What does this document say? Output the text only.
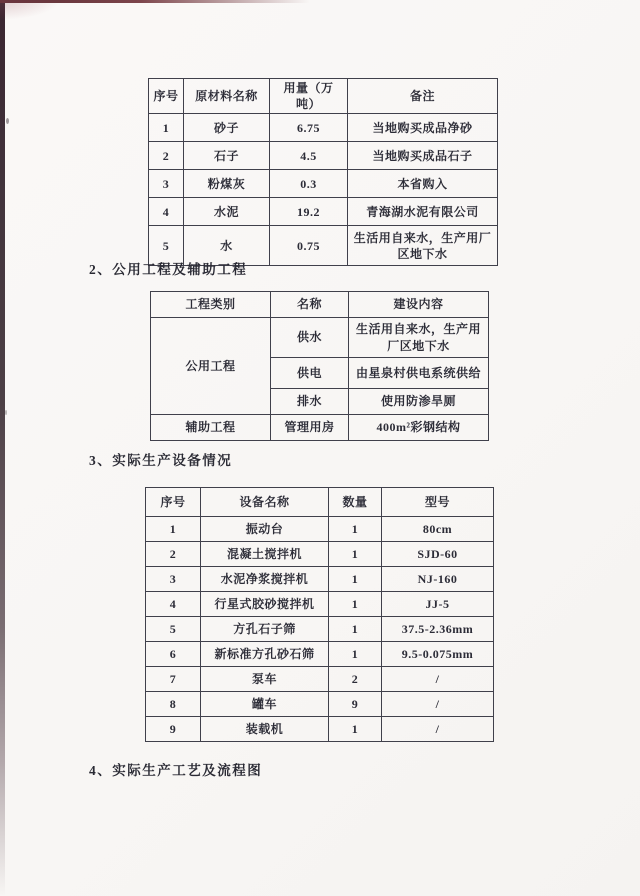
序号	原材料名称	用量（万吨）	备注
1	砂子	6.75	当地购买成品净砂
2	石子	4.5	当地购买成品石子
3	粉煤灰	0.3	本省购入
4	水泥	19.2	青海湖水泥有限公司
5	水	0.75	生活用自来水，生产用厂区地下水
2、公用工程及辅助工程
工程类别	名称	建设内容
公用工程	供水	生活用自来水，生产用厂区地下水
	供电	由星泉村供电系统供给
	排水	使用防渗旱厕
辅助工程	管理用房	400m²彩钢结构
3、实际生产设备情况
序号	设备名称	数量	型号
1	振动台	1	80cm
2	混凝土搅拌机	1	SJD-60
3	水泥净浆搅拌机	1	NJ-160
4	行星式胶砂搅拌机	1	JJ-5
5	方孔石子筛	1	37.5-2.36mm
6	新标准方孔砂石筛	1	9.5-0.075mm
7	泵车	2	/
8	罐车	9	/
9	装载机	1	/
4、实际生产工艺及流程图
